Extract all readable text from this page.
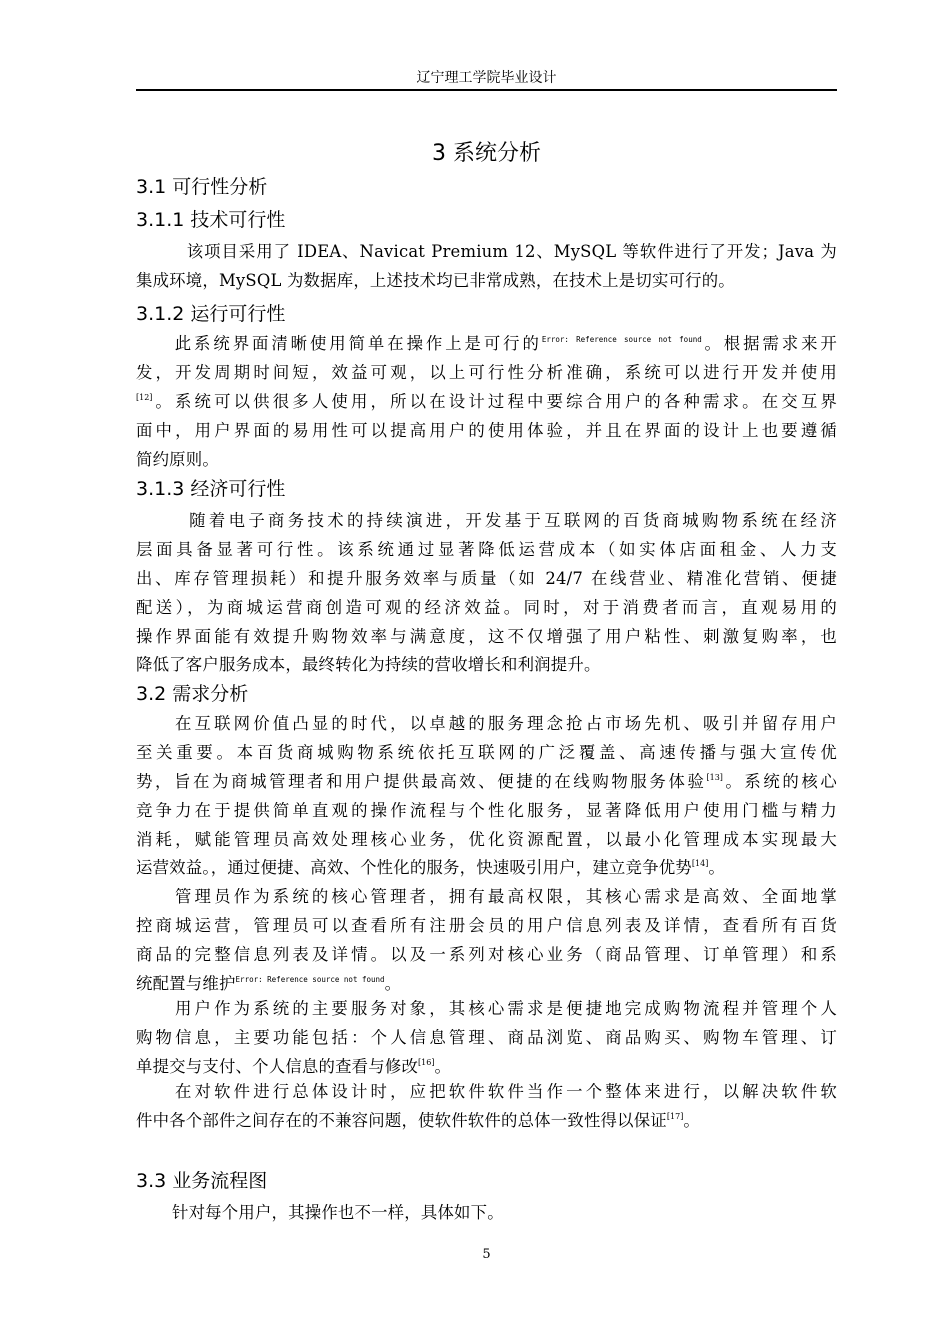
辽宁理工学院毕业设计
3 系统分析
3.1 可行性分析
3.1.1 技术可行性
该项目采用了 IDEA、Navicat Premium 12、MySQL 等软件进行了开发；Java 为
集成环境，MySQL 为数据库，上述技术均已非常成熟，在技术上是切实可行的。
3.1.2 运行可行性
此系统界面清晰使用简单在操作上是可行的$^{Error: Reference source not found}$。根据需求来开
发，开发周期时间短，效益可观，以上可行性分析准确，系统可以进行开发并使用
[12]。系统可以供很多人使用，所以在设计过程中要综合用户的各种需求。在交互界
面中，用户界面的易用性可以提高用户的使用体验，并且在界面的设计上也要遵循
简约原则。
3.1.3 经济可行性
随着电子商务技术的持续演进，开发基于互联网的百货商城购物系统在经济
层面具备显著可行性。该系统通过显著降低运营成本（如实体店面租金、人力支
出、库存管理损耗）和提升服务效率与质量（如 24/7 在线营业、精准化营销、便捷
配送），为商城运营商创造可观的经济效益。同时，对于消费者而言，直观易用的
操作界面能有效提升购物效率与满意度，这不仅增强了用户粘性、刺激复购率，也
降低了客户服务成本，最终转化为持续的营收增长和利润提升。
3.2 需求分析
在互联网价值凸显的时代，以卓越的服务理念抢占市场先机、吸引并留存用户
至关重要。本百货商城购物系统依托互联网的广泛覆盖、高速传播与强大宣传优
势，旨在为商城管理者和用户提供最高效、便捷的在线购物服务体验[13]。系统的核心
竞争力在于提供简单直观的操作流程与个性化服务，显著降低用户使用门槛与精力
消耗，赋能管理员高效处理核心业务，优化资源配置，以最小化管理成本实现最大
运营效益。，通过便捷、高效、个性化的服务，快速吸引用户，建立竞争优势[14]。
管理员作为系统的核心管理者，拥有最高权限，其核心需求是高效、全面地掌
控商城运营，管理员可以查看所有注册会员的用户信息列表及详情，查看所有百货
商品的完整信息列表及详情。以及一系列对核心业务（商品管理、订单管理）和系
统配置与维护$^{Error: Reference source not found}$。
用户作为系统的主要服务对象，其核心需求是便捷地完成购物流程并管理个人
购物信息，主要功能包括：个人信息管理、商品浏览、商品购买、购物车管理、订
单提交与支付、个人信息的查看与修改[16]。
在对软件进行总体设计时，应把软件软件当作一个整体来进行，以解决软件软
件中各个部件之间存在的不兼容问题，使软件软件的总体一致性得以保证[17]。
3.3 业务流程图
针对每个用户，其操作也不一样，具体如下。
5
